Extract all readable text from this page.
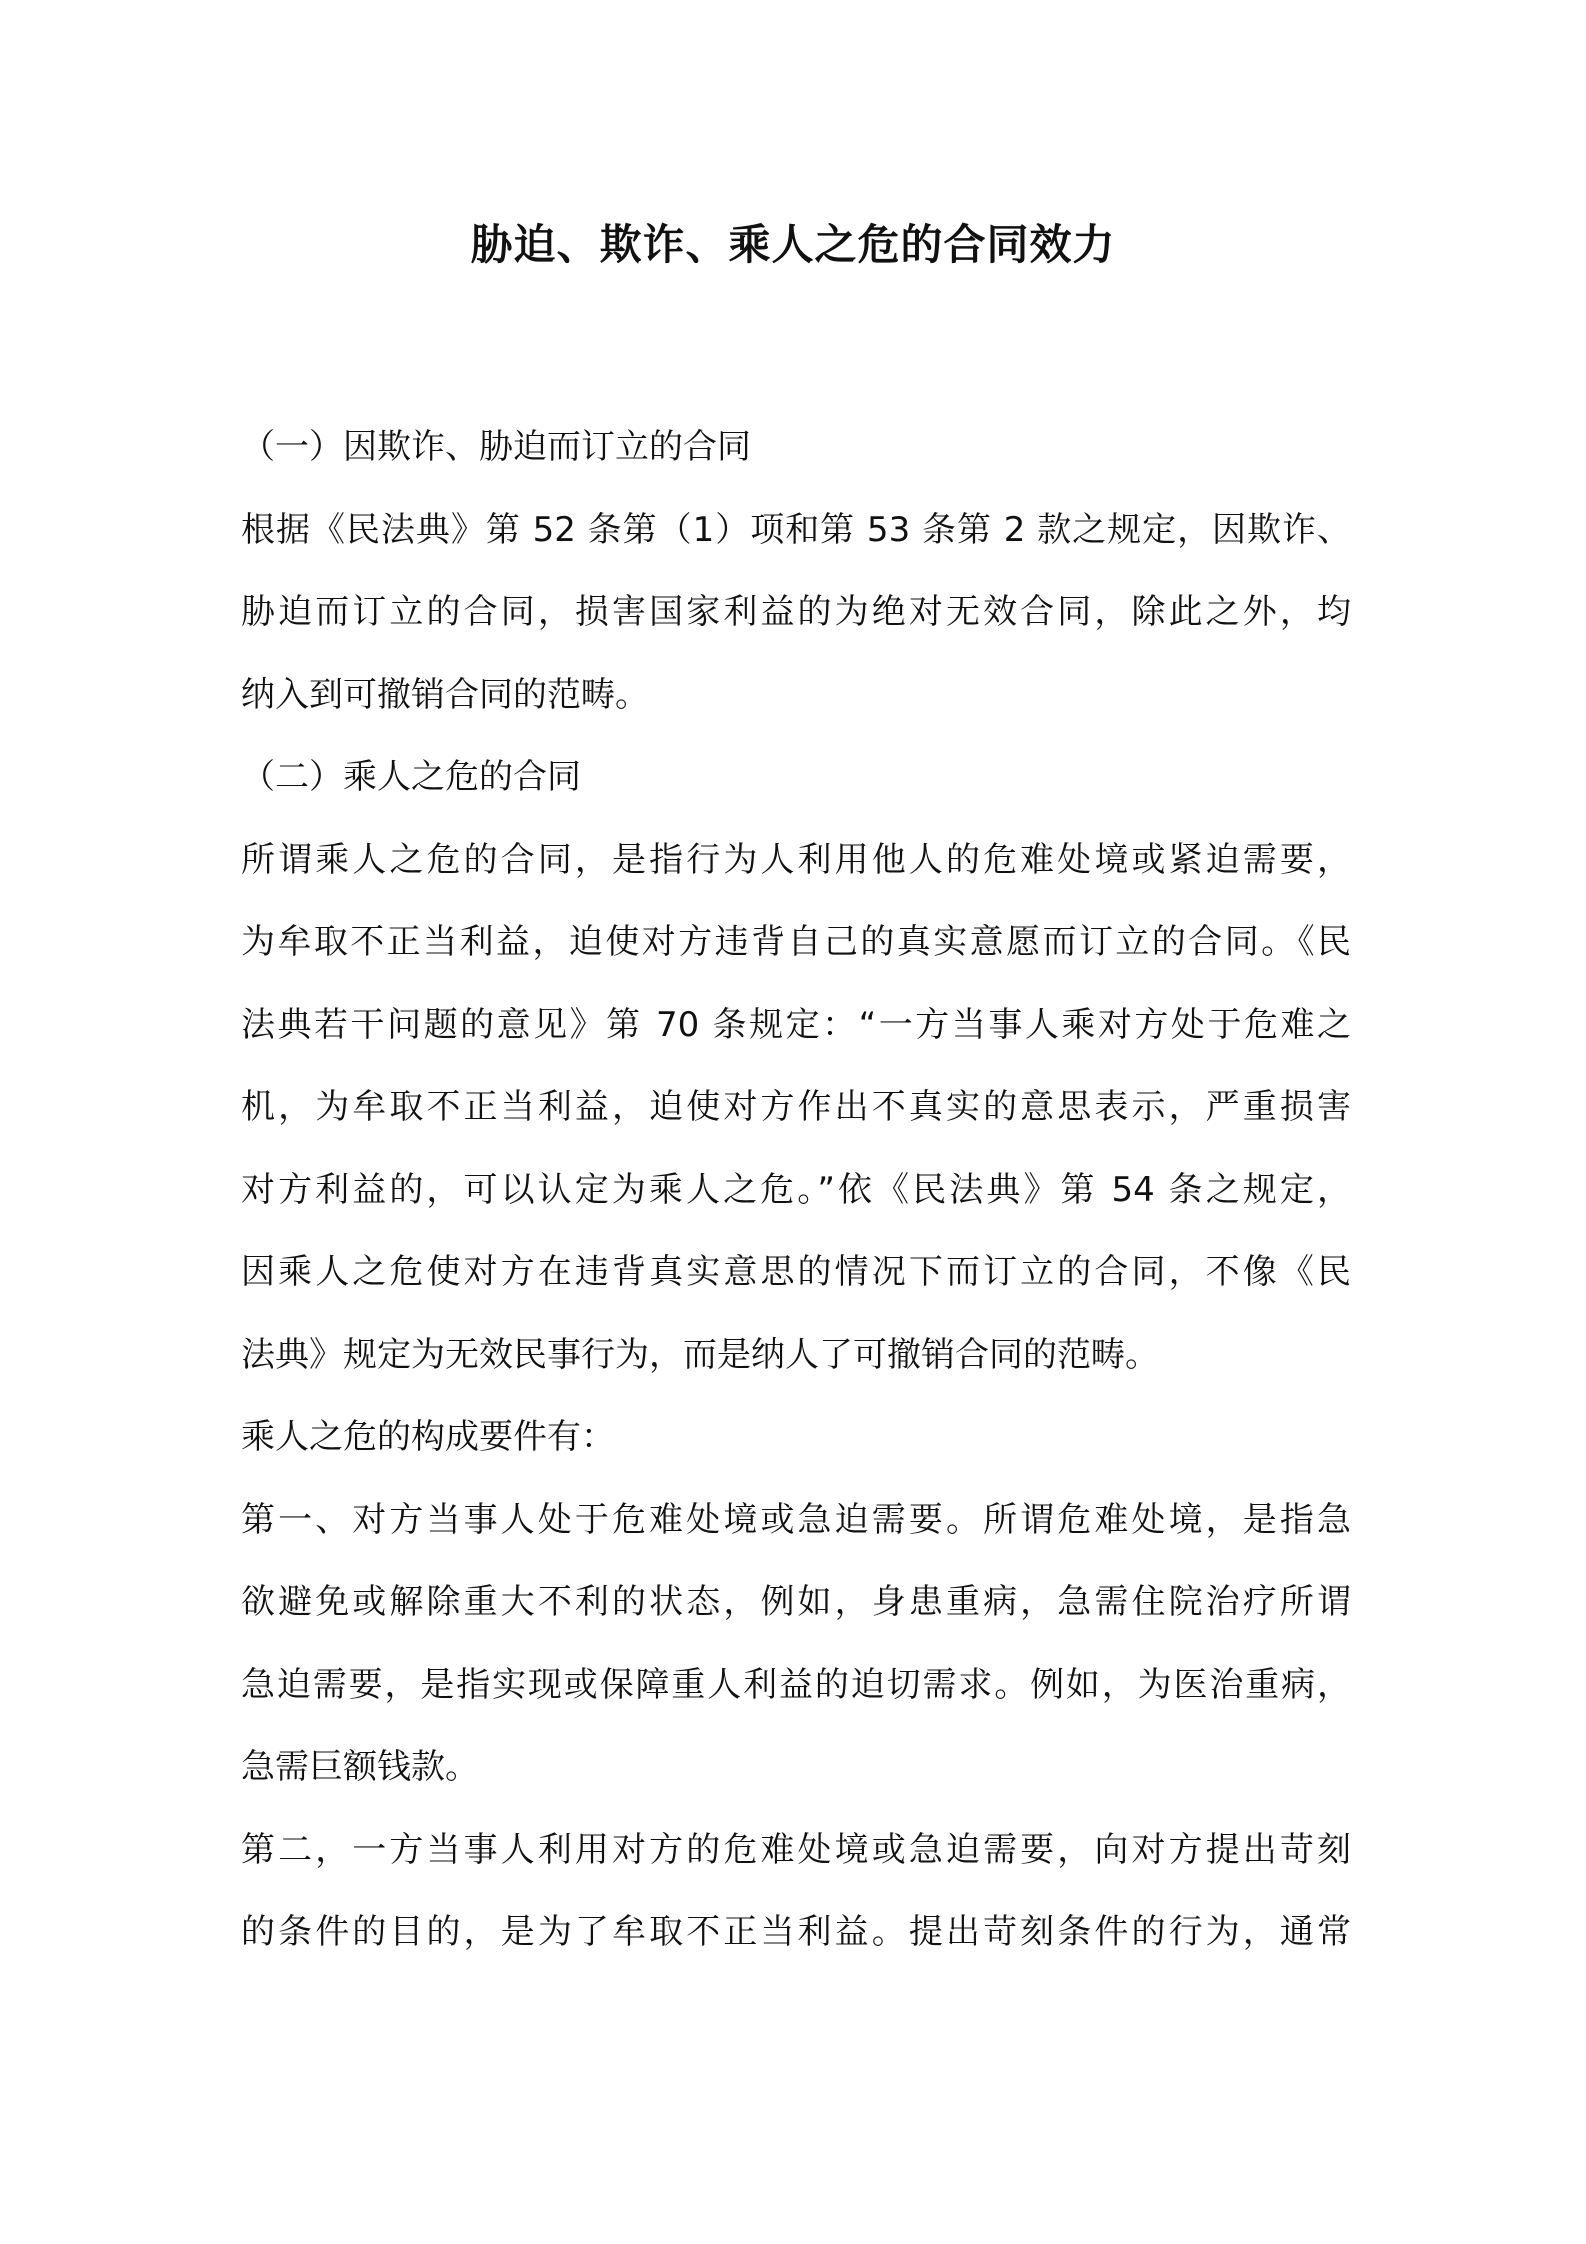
胁迫、欺诈、乘人之危的合同效力
（一）因欺诈、胁迫而订立的合同
根据《民法典》第 52 条第（1）项和第 53 条第 2 款之规定，因欺诈、
胁迫而订立的合同，损害国家利益的为绝对无效合同，除此之外，均
纳入到可撤销合同的范畴。
（二）乘人之危的合同
所谓乘人之危的合同，是指行为人利用他人的危难处境或紧迫需要，
为牟取不正当利益，迫使对方违背自己的真实意愿而订立的合同。《民
法典若干问题的意见》第 70 条规定：“一方当事人乘对方处于危难之
机，为牟取不正当利益，迫使对方作出不真实的意思表示，严重损害
对方利益的，可以认定为乘人之危。”依《民法典》第 54 条之规定，
因乘人之危使对方在违背真实意思的情况下而订立的合同，不像《民
法典》规定为无效民事行为，而是纳人了可撤销合同的范畴。
乘人之危的构成要件有：
第一、对方当事人处于危难处境或急迫需要。所谓危难处境，是指急
欲避免或解除重大不利的状态，例如，身患重病，急需住院治疗所谓
急迫需要，是指实现或保障重人利益的迫切需求。例如，为医治重病，
急需巨额钱款。
第二，一方当事人利用对方的危难处境或急迫需要，向对方提出苛刻
的条件的目的，是为了牟取不正当利益。提出苛刻条件的行为，通常
